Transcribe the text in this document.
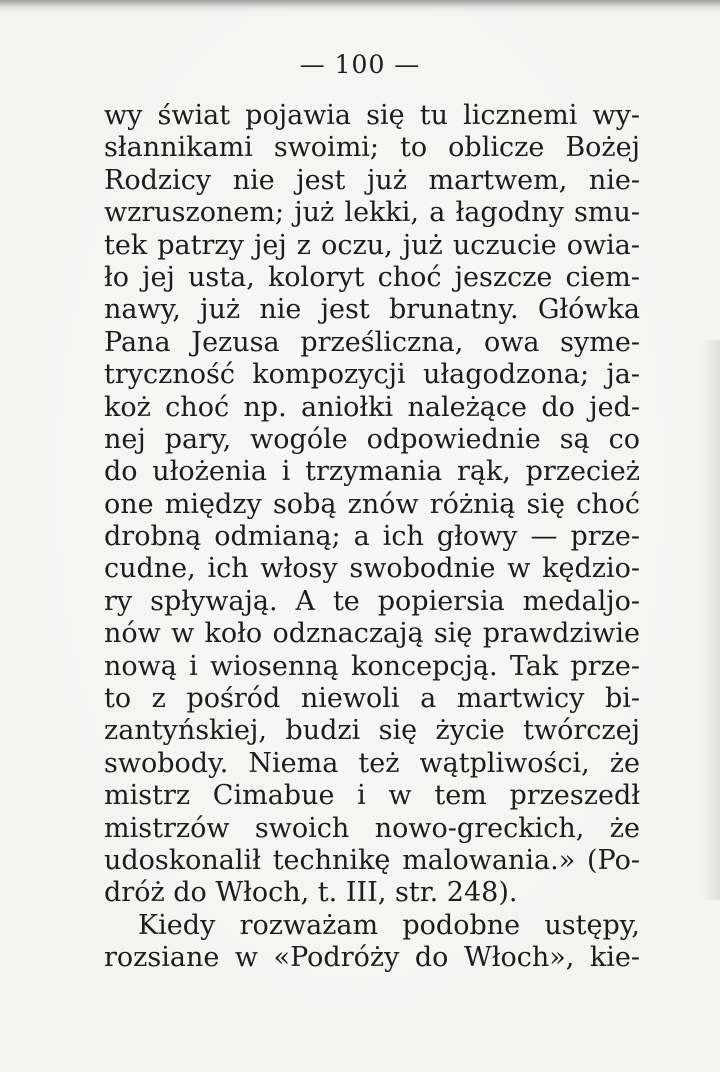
— 100 —
wy świat pojawia się tu licznemi wy-
słannikami swoimi; to oblicze Bożej
Rodzicy nie jest już martwem, nie-
wzruszonem; już lekki, a łagodny smu-
tek patrzy jej z oczu, już uczucie owia-
ło jej usta, koloryt choć jeszcze ciem-
nawy, już nie jest brunatny. Główka
Pana Jezusa prześliczna, owa syme-
tryczność kompozycji ułagodzona; ja-
koż choć np. aniołki należące do jed-
nej pary, wogóle odpowiednie są co
do ułożenia i trzymania rąk, przecież
one między sobą znów różnią się choć
drobną odmianą; a ich głowy — prze-
cudne, ich włosy swobodnie w kędzio-
ry spływają. A te popiersia medaljo-
nów w koło odznaczają się prawdziwie
nową i wiosenną koncepcją. Tak prze-
to z pośród niewoli a martwicy bi-
zantyńskiej, budzi się życie twórczej
swobody. Niema też wątpliwości, że
mistrz Cimabue i w tem przeszedł
mistrzów swoich nowo-greckich, że
udoskonalił technikę malowania.» (Po-
dróż do Włoch, t. III, str. 248).
Kiedy rozważam podobne ustępy,
rozsiane w «Podróży do Włoch», kie-
